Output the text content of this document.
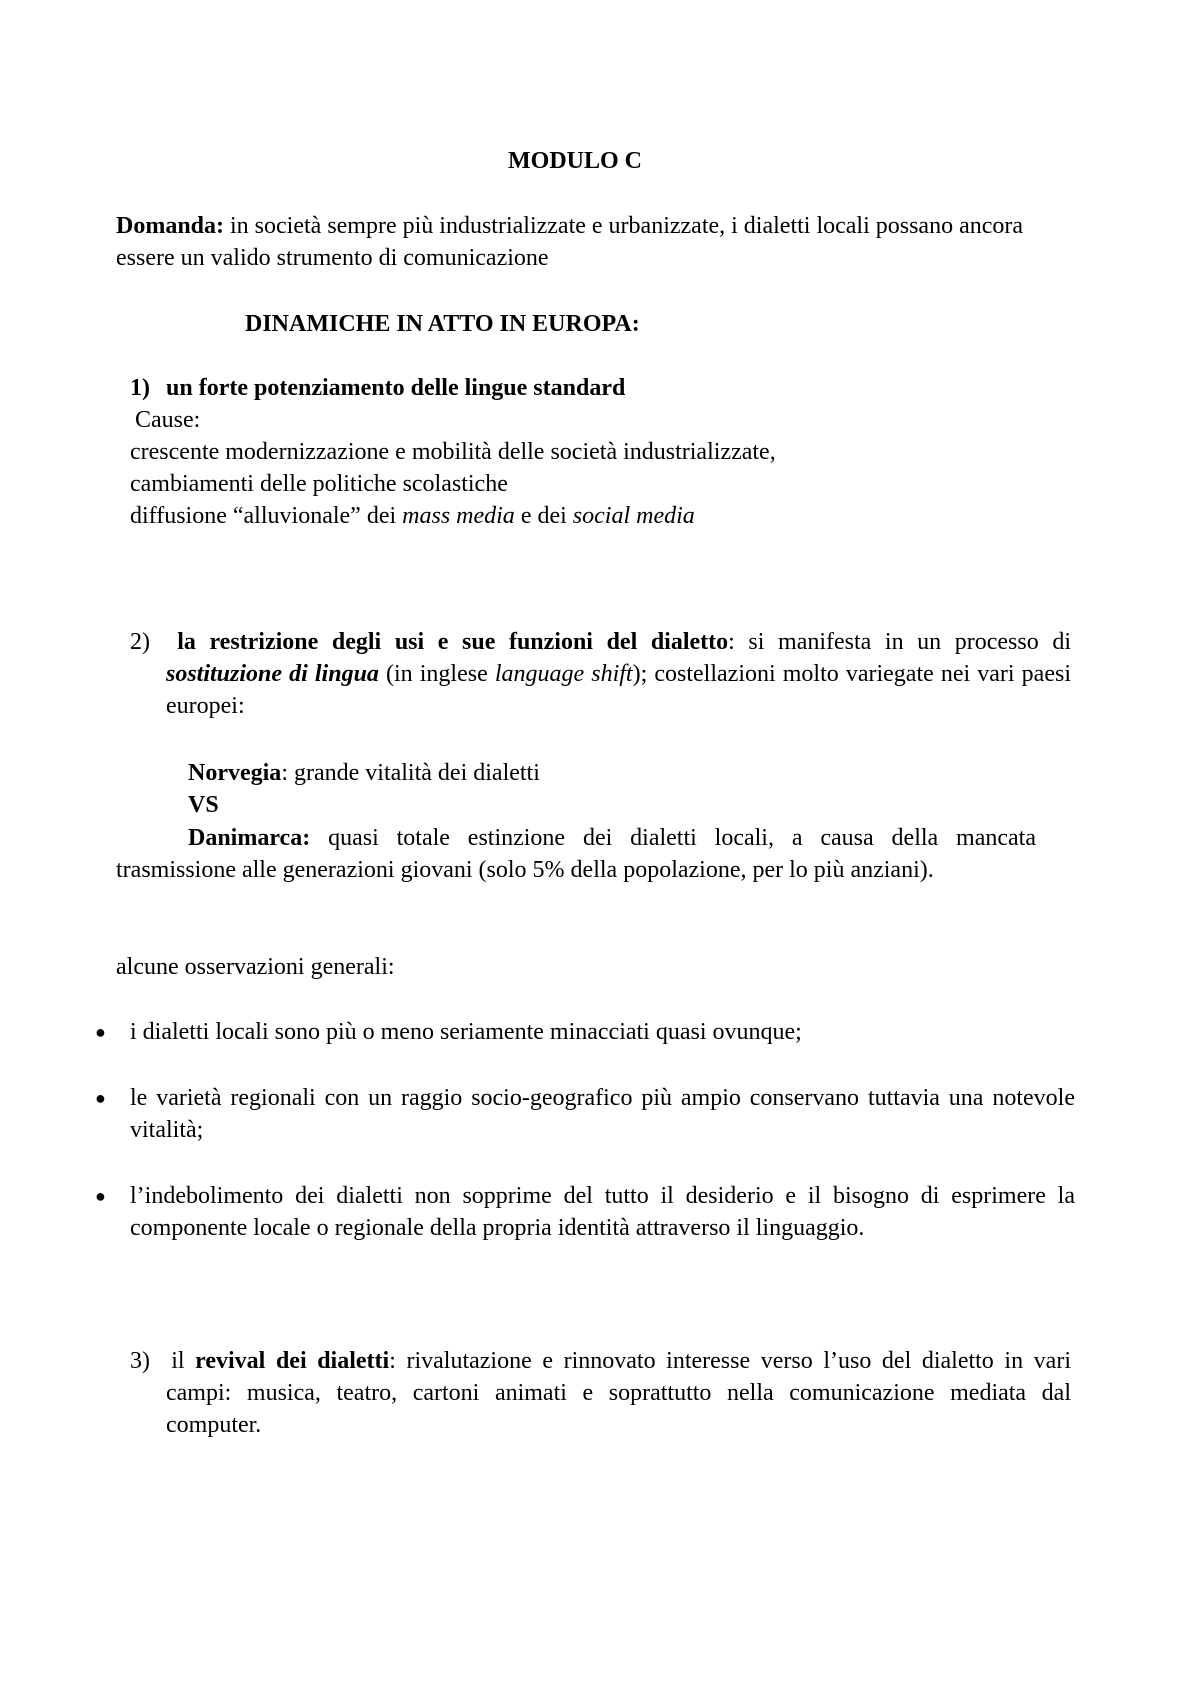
MODULO C
Domanda: in società sempre più industrializzate e urbanizzate, i dialetti locali possano ancora essere un valido strumento di comunicazione
DINAMICHE IN ATTO IN EUROPA:
1) un forte potenziamento delle lingue standard
Cause:
crescente modernizzazione e mobilità delle società industrializzate,
cambiamenti delle politiche scolastiche
diffusione “alluvionale” dei mass media e dei social media
2) la restrizione degli usi e sue funzioni del dialetto: si manifesta in un processo di sostituzione di lingua (in inglese language shift); costellazioni molto variegate nei vari paesi europei:
Norvegia: grande vitalità dei dialetti
VS
Danimarca: quasi totale estinzione dei dialetti locali, a causa della mancata trasmissione alle generazioni giovani (solo 5% della popolazione, per lo più anziani).
alcune osservazioni generali:
● i dialetti locali sono più o meno seriamente minacciati quasi ovunque;
● le varietà regionali con un raggio socio-geografico più ampio conservano tuttavia una notevole vitalità;
● l’indebolimento dei dialetti non sopprime del tutto il desiderio e il bisogno di esprimere la componente locale o regionale della propria identità attraverso il linguaggio.
3) il revival dei dialetti: rivalutazione e rinnovato interesse verso l’uso del dialetto in vari campi: musica, teatro, cartoni animati e soprattutto nella comunicazione mediata dal computer.
